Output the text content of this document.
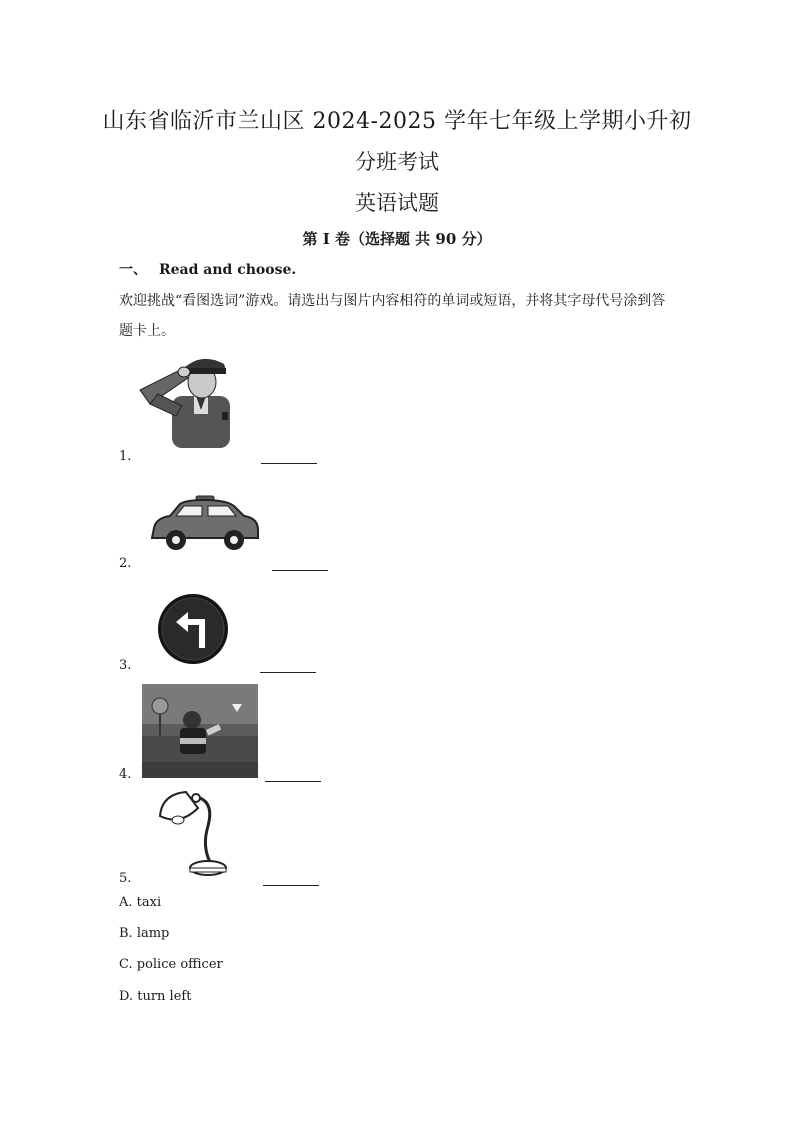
山东省临沂市兰山区 2024-2025 学年七年级上学期小升初
分班考试
英语试题
第 I 卷（选择题 共 90 分）
一、 Read and choose.
欢迎挑战“看图选词”游戏。请选出与图片内容相符的单词或短语，并将其字母代号涂到答
题卡上。
1.
2.
3.
4.
5.
A. taxi
B. lamp
C. police officer
D. turn left
